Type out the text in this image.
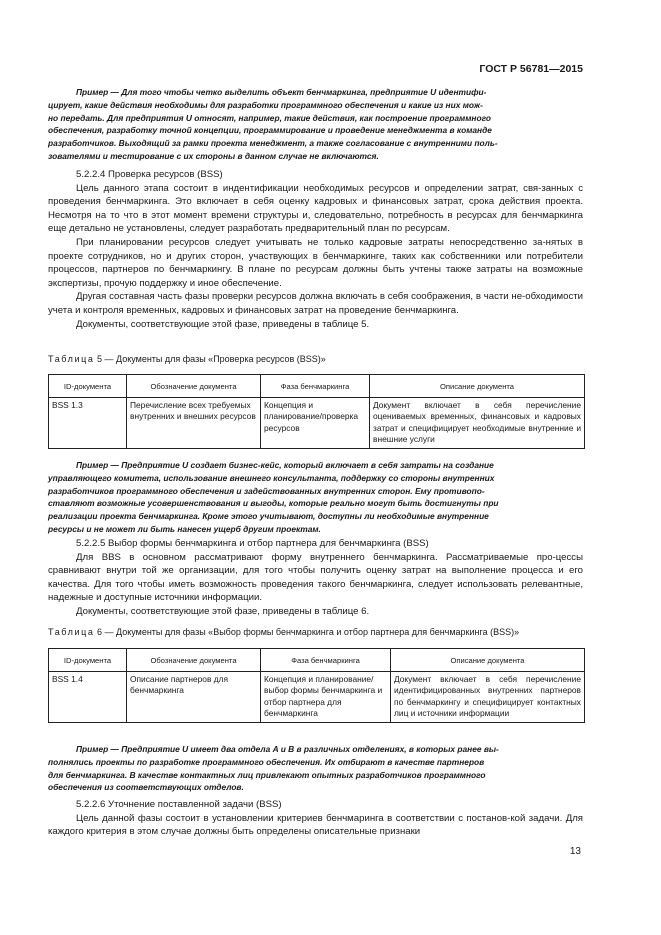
ГОСТ Р 56781—2015

Пример — Для того чтобы четко выделить объект бенчмаркинга, предприятие U идентифи-

цирует, какие действия необходимы для разработки программного обеспечения и какие из них мож-

но передать. Для предприятия U относят, например, такие действия, как построение программного

обеспечения, разработку точной концепции, программирование и проведение менеджмента в команде

разработчиков. Выходящий за рамки проекта менеджмент, а также согласование с внутренними поль-

зователями и тестирование с их стороны в данном случае не включаются.

5.2.2.4 Проверка ресурсов (BSS)

Цель данного этапа состоит в индентификации необходимых ресурсов и определении затрат, свя-занных с проведения бенчмаркинга. Это включает в себя оценку кадровых и финансовых затрат, срока действия проекта. Несмотря на то что в этот момент времени структуры и, следовательно, потребность в ресурсах для бенчмаркинга еще детально не установлены, следует разработать предварительный план по ресурсам.

При планировании ресурсов следует учитывать не только кадровые затраты непосредственно за-нятых в проекте сотрудников, но и других сторон, участвующих в бенчмаркинге, таких как собственники или потребители процессов, партнеров по бенчмаркингу. В плане по ресурсам должны быть учтены также затраты на возможные экспертизы, прочую поддержку и иное обеспечение.

Другая составная часть фазы проверки ресурсов должна включать в себя соображения, в части не-обходимости учета и контроля временных, кадровых и финансовых затрат на проведение бенчмаркинга.

Документы, соответствующие этой фазе, приведены в таблице 5.

Таблица 5 — Документы для фазы «Проверка ресурсов (BSS)»
ID-документа	Обозначение документа	Фаза бенчмаркинга	Описание документа
BSS 1.3	Перечисление всех требуемых внутренних и внешних ресурсов	Концепция и планирование/проверка ресурсов	Документ включает в себя перечисление оцениваемых временных, финансовых и кадровых затрат и специфицирует необходимые внутренние и внешние услуги

Пример — Предприятие U создает бизнес-кейс, который включает в себя затраты на создание

управляющего комитета, использование внешнего консультанта, поддержку со стороны внутренних

разработчиков программного обеспечения и задействованных внутренних сторон. Ему противопо-

ставляют возможные усовершенствования и выгоды, которые реально могут быть достигнуты при

реализации проекта бенчмаркинга. Кроме этого учитывают, доступны ли необходимые внутренние

ресурсы и не может ли быть нанесен ущерб другим проектам.

5.2.2.5 Выбор формы бенчмаркинга и отбор партнера для бенчмаркинга (BSS)

Для BBS в основном рассматривают форму внутреннего бенчмаркинга. Рассматриваемые про-цессы сравнивают внутри той же организации, для того чтобы получить оценку затрат на выполнение процесса и его качества. Для того чтобы иметь возможность проведения такого бенчмаркинга, следует использовать релевантные, надежные и доступные источники информации.

Документы, соответствующие этой фазе, приведены в таблице 6.

Таблица 6 — Документы для фазы «Выбор формы бенчмаркинга и отбор партнера для бенчмаркинга (BSS)»
ID-документа	Обозначение документа	Фаза бенчмаркинга	Описание документа
BSS 1.4	Описание партнеров для бенчмаркинга	Концепция и планирование/выбор формы бенчмаркинга и отбор партнера для бенчмаркинга	Документ включает в себя перечисление идентифицированных внутренних партнеров по бенчмаркингу и специфицирует контактных лиц и источники информации

Пример — Предприятие U имеет два отдела A и B в различных отделениях, в которых ранее вы-

полнялись проекты по разработке программного обеспечения. Их отбирают в качестве партнеров

для бенчмаркинга. В качестве контактных лиц привлекают опытных разработчиков программного

обеспечения из соответствующих отделов.

5.2.2.6 Уточнение поставленной задачи (BSS)

Цель данной фазы состоит в установлении критериев бенчмаринга в соответствии с постанов-кой задачи. Для каждого критерия в этом случае должны быть определены описательные признаки

13
